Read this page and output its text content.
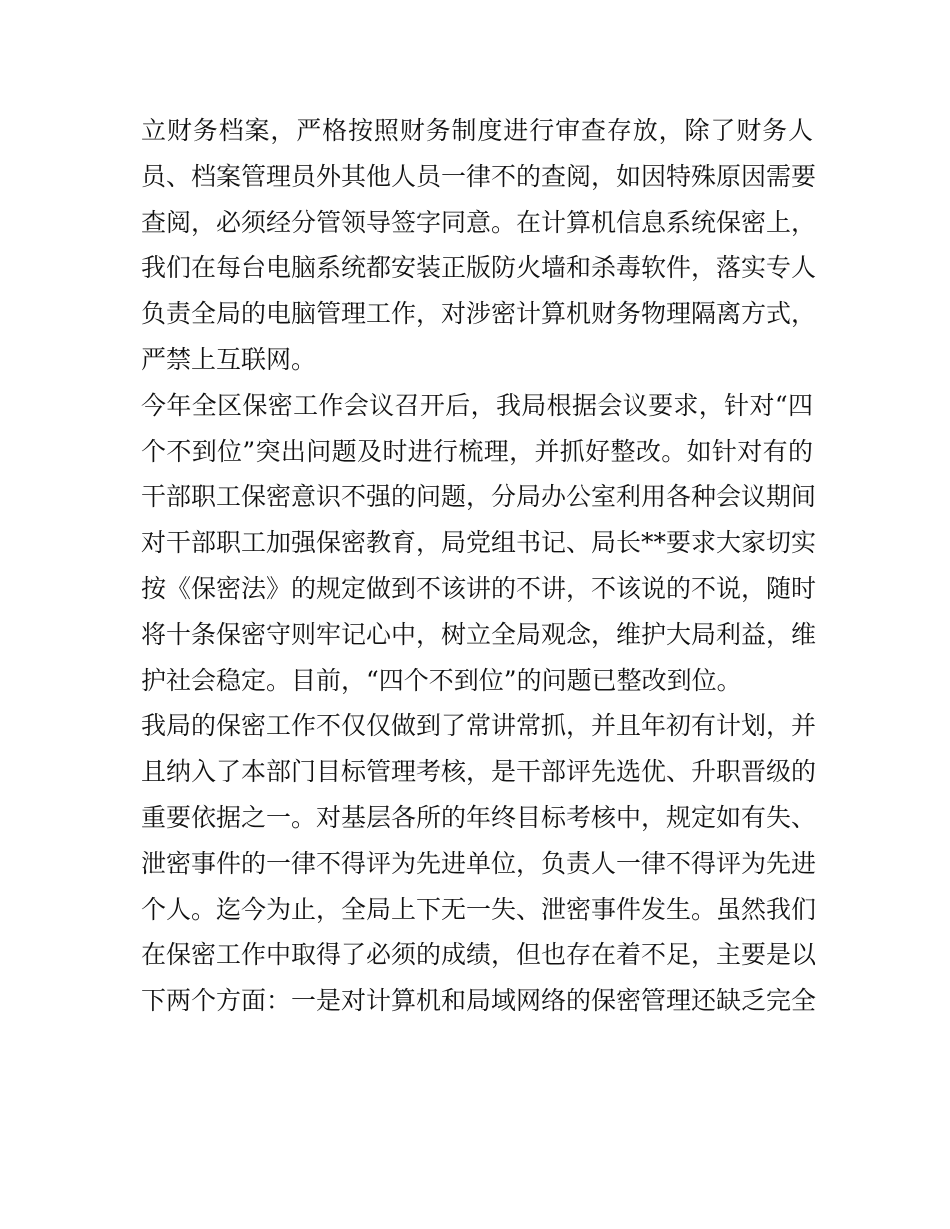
立财务档案，严格按照财务制度进行审查存放，除了财务人
员、档案管理员外其他人员一律不的查阅，如因特殊原因需要
查阅，必须经分管领导签字同意。在计算机信息系统保密上，
我们在每台电脑系统都安装正版防火墙和杀毒软件，落实专人
负责全局的电脑管理工作，对涉密计算机财务物理隔离方式，
严禁上互联网。
今年全区保密工作会议召开后，我局根据会议要求，针对“四
个不到位”突出问题及时进行梳理，并抓好整改。如针对有的
干部职工保密意识不强的问题，分局办公室利用各种会议期间
对干部职工加强保密教育，局党组书记、局长**要求大家切实
按《保密法》的规定做到不该讲的不讲，不该说的不说，随时
将十条保密守则牢记心中，树立全局观念，维护大局利益，维
护社会稳定。目前，“四个不到位”的问题已整改到位。
我局的保密工作不仅仅做到了常讲常抓，并且年初有计划，并
且纳入了本部门目标管理考核，是干部评先选优、升职晋级的
重要依据之一。对基层各所的年终目标考核中，规定如有失、
泄密事件的一律不得评为先进单位，负责人一律不得评为先进
个人。迄今为止，全局上下无一失、泄密事件发生。虽然我们
在保密工作中取得了必须的成绩，但也存在着不足，主要是以
下两个方面：一是对计算机和局域网络的保密管理还缺乏完全
